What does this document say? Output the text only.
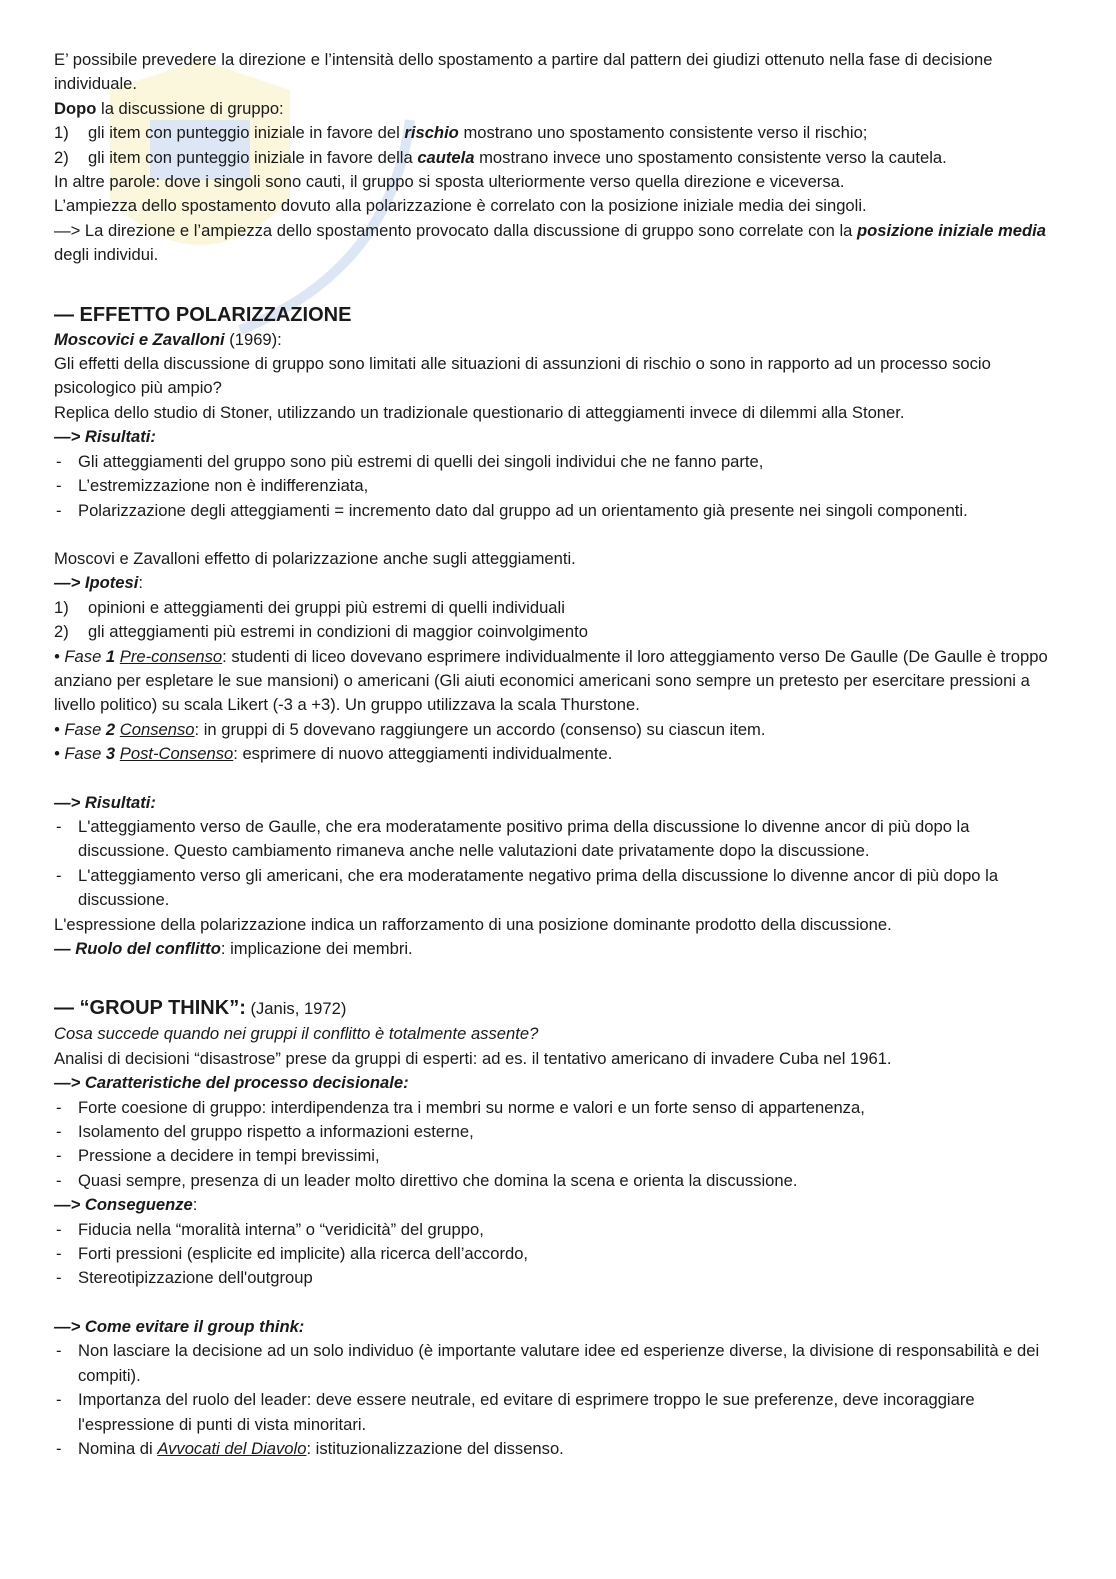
E’ possibile prevedere la direzione e l’intensità dello spostamento a partire dal pattern dei giudizi ottenuto nella fase di decisione individuale.

Dopo la discussione di gruppo:

1)	gli item con punteggio iniziale in favore del rischio mostrano uno spostamento consistente verso il rischio;
2)	gli item con punteggio iniziale in favore della cautela mostrano invece uno spostamento consistente verso la cautela.

In altre parole: dove i singoli sono cauti, il gruppo si sposta ulteriormente verso quella direzione e viceversa.

L’ampiezza dello spostamento dovuto alla polarizzazione è correlato con la posizione iniziale media dei singoli.

—> La direzione e l’ampiezza dello spostamento provocato dalla discussione di gruppo sono correlate con la posizione iniziale media degli individui.

— EFFETTO POLARIZZAZIONE

Moscovici e Zavalloni (1969):

Gli effetti della discussione di gruppo sono limitati alle situazioni di assunzioni di rischio o sono in rapporto ad un processo socio psicologico più ampio?

Replica dello studio di Stoner, utilizzando un tradizionale questionario di atteggiamenti invece di dilemmi alla Stoner.

—> Risultati:

- Gli atteggiamenti del gruppo sono più estremi di quelli dei singoli individui che ne fanno parte,
- L’estremizzazione non è indifferenziata,
- Polarizzazione degli atteggiamenti = incremento dato dal gruppo ad un orientamento già presente nei singoli componenti.

Moscovi e Zavalloni effetto di polarizzazione anche sugli atteggiamenti.

—> Ipotesi:

1)	opinioni e atteggiamenti dei gruppi più estremi di quelli individuali
2)	gli atteggiamenti più estremi in condizioni di maggior coinvolgimento

• Fase 1 Pre-consenso: studenti di liceo dovevano esprimere individualmente il loro atteggiamento verso De Gaulle (De Gaulle è troppo anziano per espletare le sue mansioni) o americani (Gli aiuti economici americani sono sempre un pretesto per esercitare pressioni a livello politico) su scala Likert (-3 a +3). Un gruppo utilizzava la scala Thurstone.

• Fase 2 Consenso: in gruppi di 5 dovevano raggiungere un accordo (consenso) su ciascun item.

• Fase 3 Post-Consenso: esprimere di nuovo atteggiamenti individualmente.

—> Risultati:

- L'atteggiamento verso de Gaulle, che era moderatamente positivo prima della discussione lo divenne ancor di più dopo la discussione. Questo cambiamento rimaneva anche nelle valutazioni date privatamente dopo la discussione.
- L'atteggiamento verso gli americani, che era moderatamente negativo prima della discussione lo divenne ancor di più dopo la discussione.

L'espressione della polarizzazione indica un rafforzamento di una posizione dominante prodotto della discussione.

— Ruolo del conflitto: implicazione dei membri.

— “GROUP THINK”: (Janis, 1972)

Cosa succede quando nei gruppi il conflitto è totalmente assente?

Analisi di decisioni “disastrose” prese da gruppi di esperti: ad es. il tentativo americano di invadere Cuba nel 1961.

—> Caratteristiche del processo decisionale:

- Forte coesione di gruppo: interdipendenza tra i membri su norme e valori e un forte senso di appartenenza,
- Isolamento del gruppo rispetto a informazioni esterne,
- Pressione a decidere in tempi brevissimi,
- Quasi sempre, presenza di un leader molto direttivo che domina la scena e orienta la discussione.

—> Conseguenze:

- Fiducia nella “moralità interna” o “veridicità” del gruppo,
- Forti pressioni (esplicite ed implicite) alla ricerca dell’accordo,
- Stereotipizzazione dell'outgroup

—> Come evitare il group think:

- Non lasciare la decisione ad un solo individuo (è importante valutare idee ed esperienze diverse, la divisione di responsabilità e dei compiti).
- Importanza del ruolo del leader: deve essere neutrale, ed evitare di esprimere troppo le sue preferenze, deve incoraggiare l'espressione di punti di vista minoritari.
- Nomina di Avvocati del Diavolo: istituzionalizzazione del dissenso.
